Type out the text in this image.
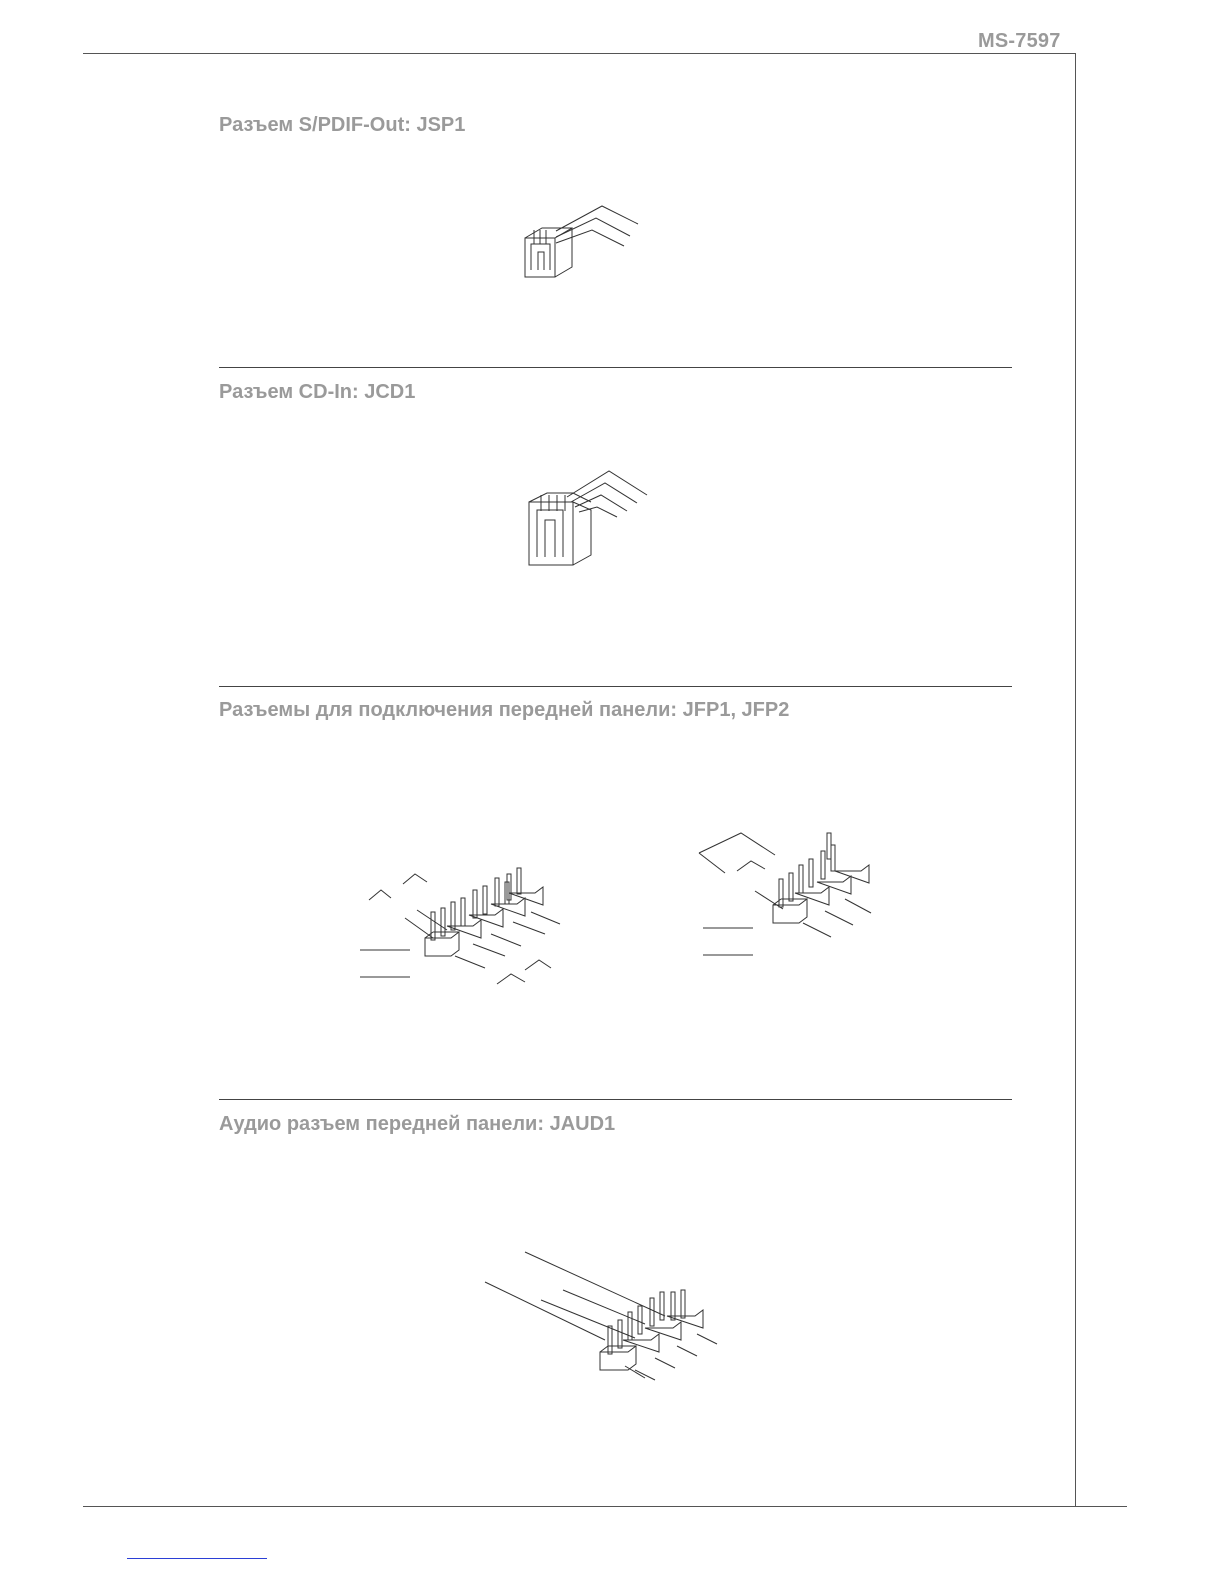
MS-7597
Разъем S/PDIF-Out: JSP1
Разъем CD-In: JCD1
Разъемы для подключения передней панели: JFP1, JFP2
Аудио разъем передней панели: JAUD1
